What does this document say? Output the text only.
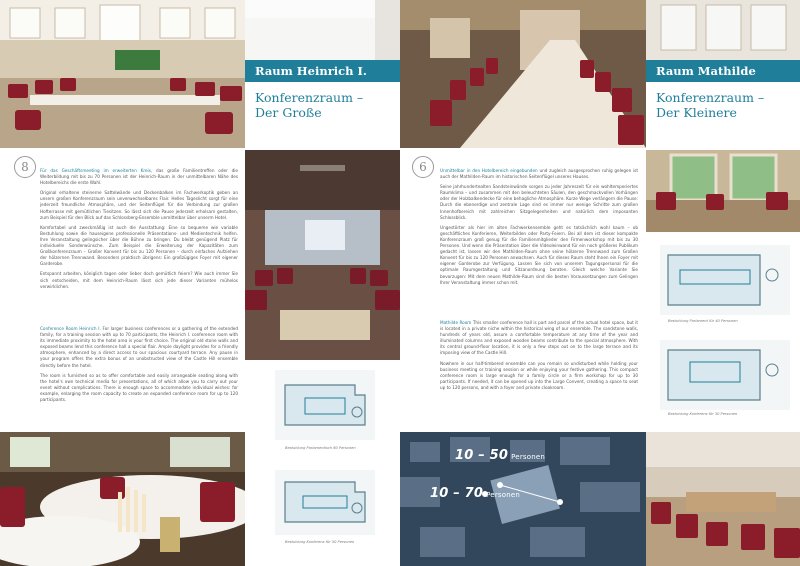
Raum Heinrich I.
Konferenzraum –
Der Große
8	Für das Geschäftsmeeting im erweiterten Kreis, das große Familientreffen oder die Weiterbildung mit bis zu 70 Personen ist der Heinrich-Raum in der unmittelbaren Nähe des Hotelbereichs die erste Wahl.

Original erhaltene steinerne Sattelwände und Deckenbalken im Fachwerkoptik geben an unsern großen Konferenzraum sein unverwechselbares Flair. Helles Tageslicht sorgt für eine jederzeit freundliche Atmosphäre, und der Seitenflügel für die Verbindung zur großen Hofterrasse mit gemütlichen Tiesitzen. So lässt sich die Pause jederzeit erholsam gestalten, zum Beispiel für den Blick auf das Schlossberg-Ensemble unmittelbar über unserm Hotel.

Komfortabel und zweckmäßig ist auch die Ausstattung: Eine so bequeme wie variable Bestuhlung sowie die hauseigene professionelle Präsentations- und Medientechnik helfen. Ihre Veranstaltung gelingsicher über die Bühne zu bringen. Du bleibt genügend Platz für individuelle Sonderwünsche. Zum Beispiel die Erweiterung der Kapazitäten zum Großkonferenzraum – Großer Konvent für bis zu 120 Personen – durch einfaches Aufziehen der hölzernen Trennwand. Besonders praktisch übrigens: Ein großzügiges Foyer mit eigener Garderobe.

Entspannt arbeiten, königlich tagen oder lieber doch gemütlich feiern? Wie auch immer Sie sich entscheiden, mit dem Heinrich-Raum lässt sich jede dieser Varianten mühelos verwirklichen.

Conference Room Heinrich I. For larger business conferences or a gathering of the extended family, for a training session with up to 70 participants, the Heinrich I. conference room with its immediate proximity to the hotel area is your first choice. The original old stone walls and exposed beams lend this conference hall a special flair. Ample daylight provides for a friendly atmosphere, enhanced by a direct access to our spacious courtyard terrace. Any pause in your program offers the extra bonus of an unobstructed view of the Castle Hill ensemble directly before the hotel.

The room is furnished so as to offer comfortable and easily arrangeable seating along with the hotel's own technical media for presentations, all of which allow you to carry out your event without complications. There is enough space to accommodate individual wishes: for example, enlarging the room capacity to create an expanded conference room for up to 120 participants.

Bestuhlung Parlamentisch 60 Personen
Bestuhlung Konferenz für 50 Personen
Raum Mathilde
Konferenzraum –
Der Kleinere
6	Unmittelbar in den Hotelbereich eingebunden und zugleich ausgesprochen ruhig gelegen ist auch der Mathilden-Raum im historischen Seitenflügel unseres Hauses.

Seine jahrhundertealten Sandsteinwände sorgen zu jeder Jahreszeit für ein wohltemperiertes Raumklima – und zusammen mit den beleuchteten Säulen, den geschmackvollen Vorhängen oder der Holzbalkendecke für eine behagliche Atmosphäre. Kurze Wege verlängern die Pause: Durch die ebenerdige und zentrale Lage sind es immer nur wenige Schritte zum großen Innenhofbereich mit zahlreichen Sitzgelegenheiten und natürlich dem imposanten Schlossblick.

Ungestörter als hier im alten Fachwerkensemble geht es tatsächlich wohl kaum – ob geschäftliches Konferieren, Weiterbilden oder Party-Feiern. Bei all dem ist dieser kompakte Konferenzraum groß genug für die Familienmitglieder den Firmenworkshop mit bis zu 30 Personen. Und wenn die Präsentation über die Videoleinwand für ein noch größeres Publikum gedacht ist, lassen wir den Mathilden-Raum ohne seine hölzerne Trennwand zum Großen Konvent für bis zu 120 Personen anwachsen. Auch für dieses Raum steht Ihnen ein Foyer mit eigener Garderobe zur Verfügung. Lassen Sie sich von unserem Tagungspersonal für die optimale Raumgestaltung und Sitzanordnung beraten. Gleich welche Variante Sie bevorzugen: Mit dem neuen Mathilde-Raum sind die besten Voraussetzungen zum Gelingen Ihrer Veranstaltung immer schon mit.

Mathilde Room This smaller conference hall is part and parcel of the actual hotel space, but it is located in a private niche within the historical wing of our ensemble. The sandstone walls, hundreds of years old, assure a comfortable temperature at any time of the year and illuminated columns and exposed wooden beams contribute to the special atmosphere. With its central ground-floor location, it is only a few steps out on to the large terrace and its imposing view of the Castle Hill.

Nowhere in our half-timbered ensemble can you remain so undisturbed while holding your business meeting or training session or while enjoying your festive gathering. This compact conference room is large enough for a family circle or a firm workshop for up to 30 participants. If needed, it can be opened up into the Large Convent, creating a space to seat up to 120 persons, and with a foyer and private cloakroom.

Bestuhlung Parlament für 40 Personen
Bestuhlung Konferenz für 30 Personen
10 – 50 Personen
10 – 70 Personen
